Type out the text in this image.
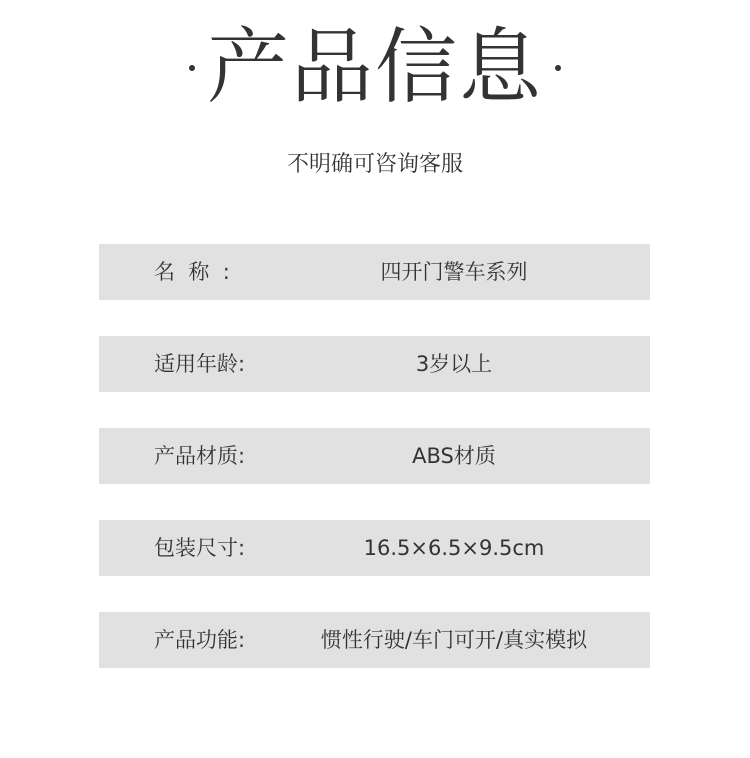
产品信息
不明确可咨询客服
名  称  :	四开门警车系列
适用年龄:	3岁以上
产品材质:	ABS材质
包装尺寸:	16.5×6.5×9.5cm
产品功能:	惯性行驶/车门可开/真实模拟
